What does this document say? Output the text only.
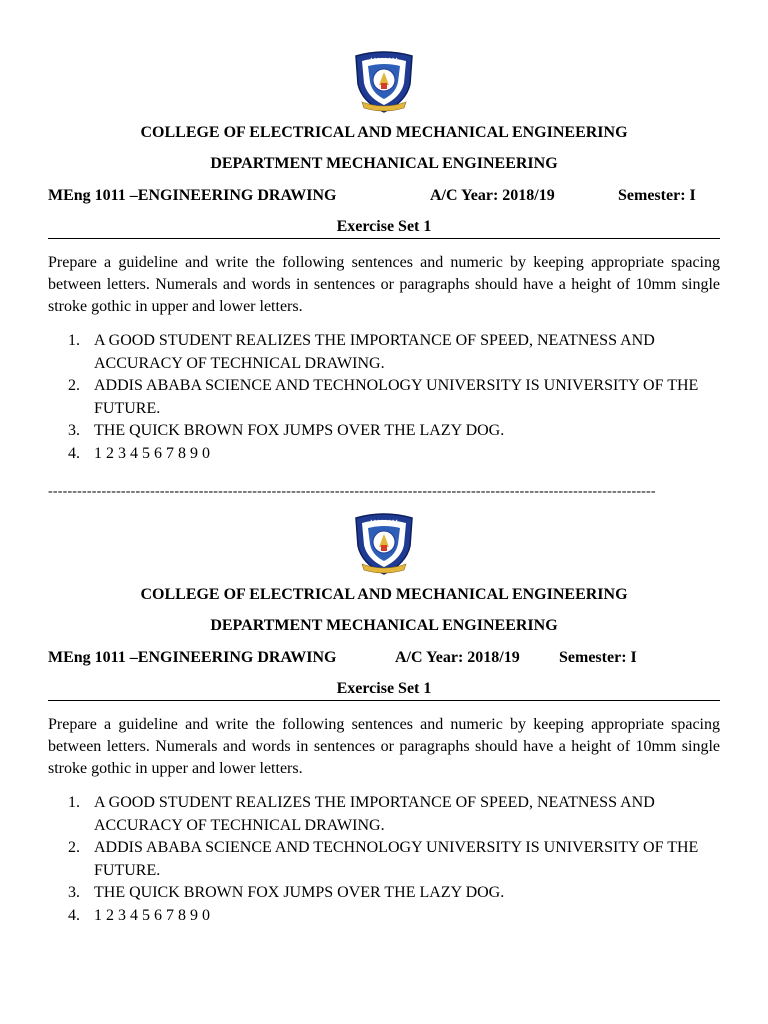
• • • • • • • •
COLLEGE OF ELECTRICAL AND MECHANICAL ENGINEERING
DEPARTMENT MECHANICAL ENGINEERING
MEng 1011 –ENGINEERING DRAWING	A/C Year: 2018/19	Semester: I
Exercise Set 1
Prepare a guideline and write the following sentences and numeric by keeping appropriate spacing between letters. Numerals and words in sentences or paragraphs should have a height of 10mm single stroke gothic in upper and lower letters.
1. A GOOD STUDENT REALIZES THE IMPORTANCE OF SPEED, NEATNESS AND ACCURACY OF TECHNICAL DRAWING.
2. ADDIS ABABA SCIENCE AND TECHNOLOGY UNIVERSITY IS UNIVERSITY OF THE FUTURE.
3. THE QUICK BROWN FOX JUMPS OVER THE LAZY DOG.
4. 1 2 3 4 5 6 7 8 9 0
-----------------------------------------------------------------------------------------------------------------------------
• • • • • • • •
COLLEGE OF ELECTRICAL AND MECHANICAL ENGINEERING
DEPARTMENT MECHANICAL ENGINEERING
MEng 1011 –ENGINEERING DRAWING	A/C Year: 2018/19 Semester: I
Exercise Set 1
Prepare a guideline and write the following sentences and numeric by keeping appropriate spacing between letters. Numerals and words in sentences or paragraphs should have a height of 10mm single stroke gothic in upper and lower letters.
1. A GOOD STUDENT REALIZES THE IMPORTANCE OF SPEED, NEATNESS AND ACCURACY OF TECHNICAL DRAWING.
2. ADDIS ABABA SCIENCE AND TECHNOLOGY UNIVERSITY IS UNIVERSITY OF THE FUTURE.
3. THE QUICK BROWN FOX JUMPS OVER THE LAZY DOG.
4. 1 2 3 4 5 6 7 8 9 0
